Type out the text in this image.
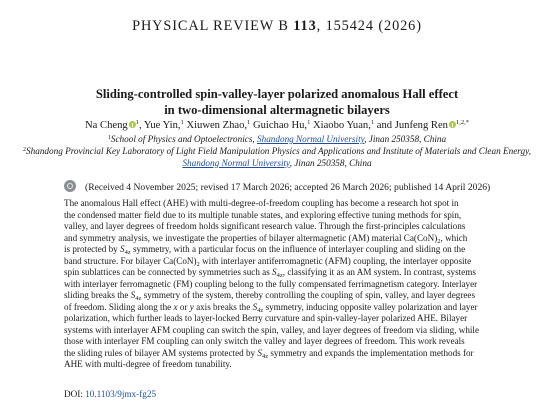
PHYSICAL REVIEW B 113, 155424 (2026)
Sliding-controlled spin-valley-layer polarized anomalous Hall effect
in two-dimensional altermagnetic bilayers
Na Cheng $^1$, Yue Yin,$^1$ Xiuwen Zhao,$^1$ Guichao Hu,$^1$ Xiaobo Yuan,$^1$ and Junfeng Ren $^{1,2,*}$
$^1$School of Physics and Optoelectronics, Shandong Normal University, Jinan 250358, China
$^2$Shandong Provincial Key Laboratory of Light Field Manipulation Physics and Applications and Institute of Materials and Clean Energy,
Shandong Normal University, Jinan 250358, China
(Received 4 November 2025; revised 17 March 2026; accepted 26 March 2026; published 14 April 2026)
The anomalous Hall effect (AHE) with multi-degree-of-freedom coupling has become a research hot spot in
the condensed matter field due to its multiple tunable states, and exploring effective tuning methods for spin,
valley, and layer degrees of freedom holds significant research value. Through the first-principles calculations
and symmetry analysis, we investigate the properties of bilayer altermagnetic (AM) material $Ca(CoN)_2$, which
is protected by $S_{4z}$ symmetry, with a particular focus on the influence of interlayer coupling and sliding on the
band structure. For bilayer $Ca(CoN)_2$ with interlayer antiferromagnetic (AFM) coupling, the interlayer opposite
spin sublattices can be connected by symmetries such as $S_{4z}$, classifying it as an AM system. In contrast, systems
with interlayer ferromagnetic (FM) coupling belong to the fully compensated ferrimagnetism category. Interlayer
sliding breaks the $S_{4z}$ symmetry of the system, thereby controlling the coupling of spin, valley, and layer degrees
of freedom. Sliding along the x or y axis breaks the $S_{4z}$ symmetry, inducing opposite valley polarization and layer
polarization, which further leads to layer-locked Berry curvature and spin-valley-layer polarized AHE. Bilayer
systems with interlayer AFM coupling can switch the spin, valley, and layer degrees of freedom via sliding, while
those with interlayer FM coupling can only switch the valley and layer degrees of freedom. This work reveals
the sliding rules of bilayer AM systems protected by $S_{4z}$ symmetry and expands the implementation methods for
AHE with multi-degree of freedom tunability.
DOI: 10.1103/9jmx-fg25
